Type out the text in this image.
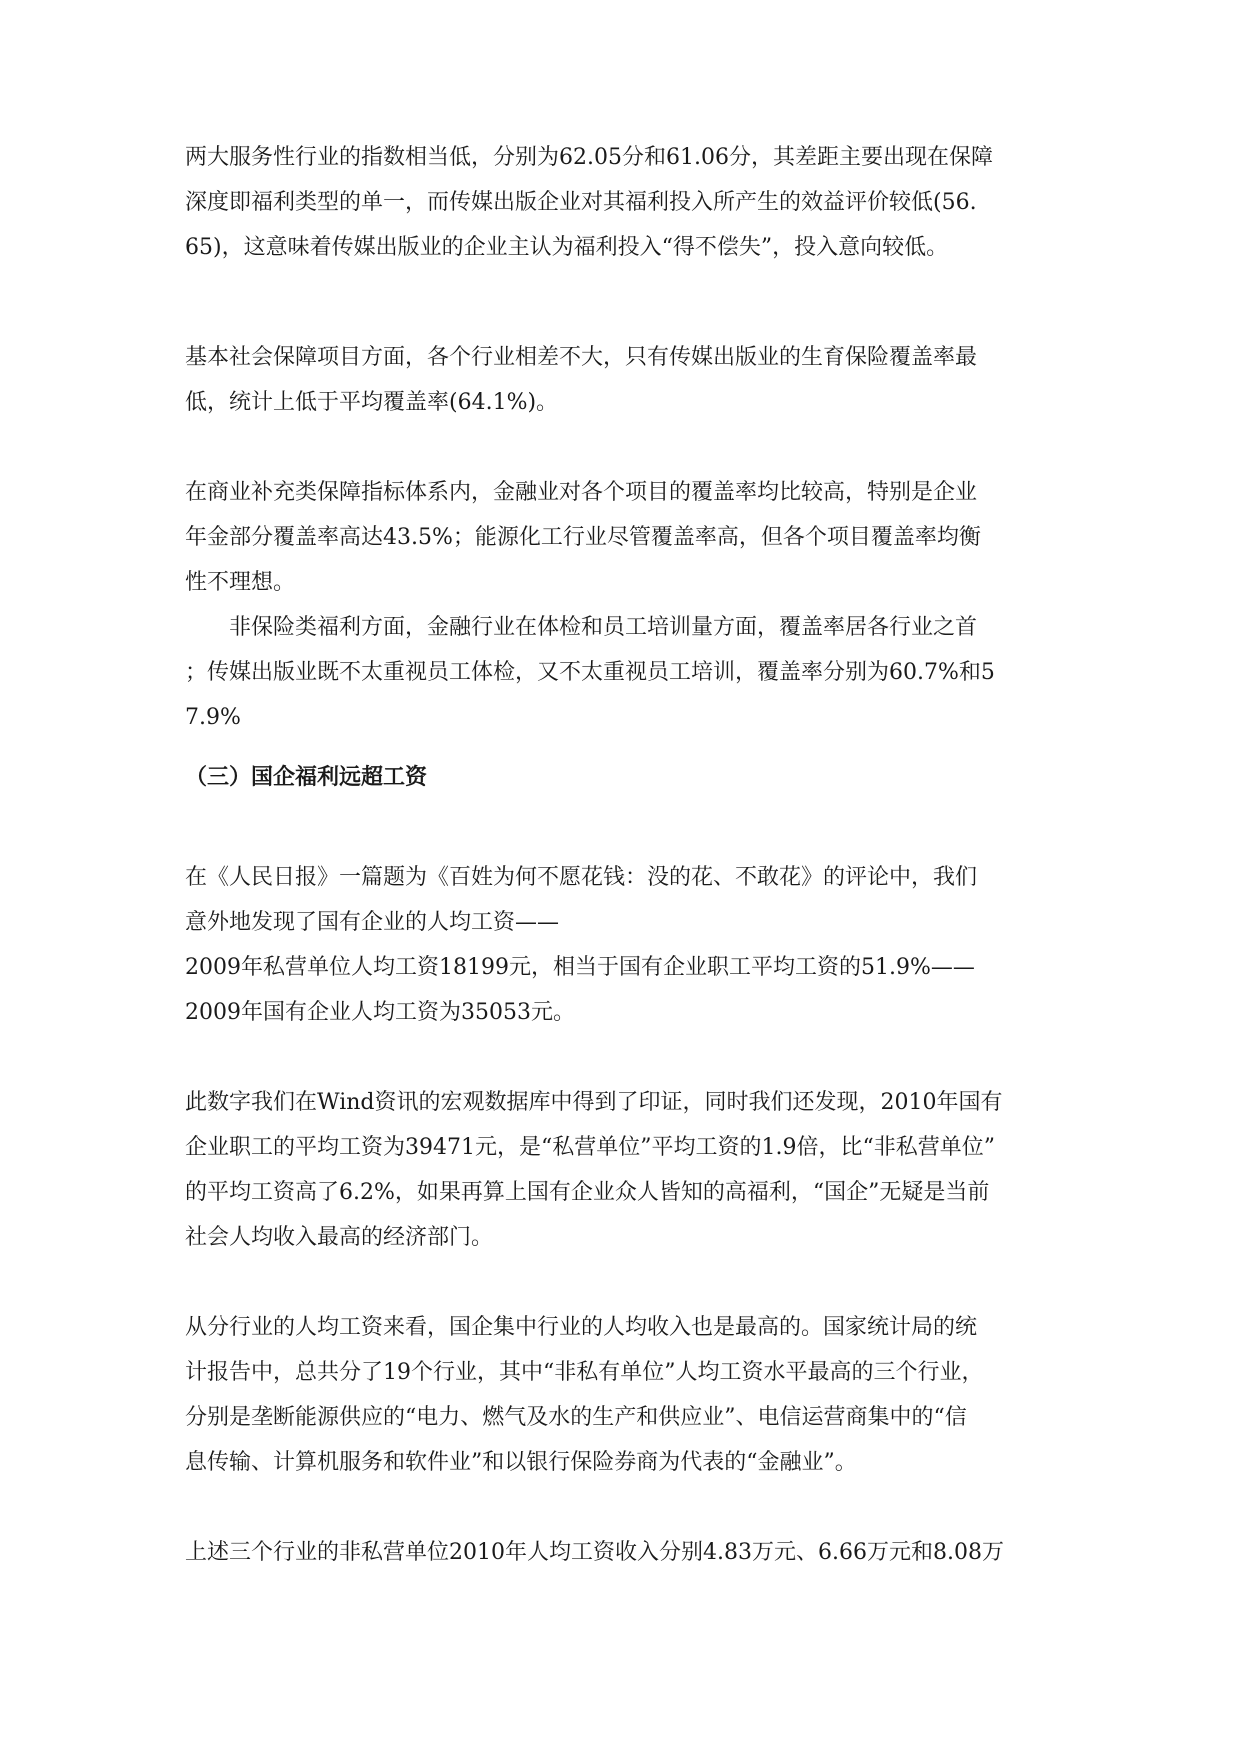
两大服务性行业的指数相当低，分别为62.05分和61.06分，其差距主要出现在保障
深度即福利类型的单一，而传媒出版企业对其福利投入所产生的效益评价较低(56.
65)，这意味着传媒出版业的企业主认为福利投入“得不偿失”，投入意向较低。
基本社会保障项目方面，各个行业相差不大，只有传媒出版业的生育保险覆盖率最
低，统计上低于平均覆盖率(64.1%)。
在商业补充类保障指标体系内，金融业对各个项目的覆盖率均比较高，特别是企业
年金部分覆盖率高达43.5%；能源化工行业尽管覆盖率高，但各个项目覆盖率均衡
性不理想。
　　非保险类福利方面，金融行业在体检和员工培训量方面，覆盖率居各行业之首
；传媒出版业既不太重视员工体检，又不太重视员工培训，覆盖率分别为60.7%和5
7.9%
（三）国企福利远超工资
在《人民日报》一篇题为《百姓为何不愿花钱：没的花、不敢花》的评论中，我们
意外地发现了国有企业的人均工资——
2009年私营单位人均工资18199元，相当于国有企业职工平均工资的51.9%——
2009年国有企业人均工资为35053元。
此数字我们在Wind资讯的宏观数据库中得到了印证，同时我们还发现，2010年国有
企业职工的平均工资为39471元，是“私营单位”平均工资的1.9倍，比“非私营单位”
的平均工资高了6.2%，如果再算上国有企业众人皆知的高福利，“国企”无疑是当前
社会人均收入最高的经济部门。
从分行业的人均工资来看，国企集中行业的人均收入也是最高的。国家统计局的统
计报告中，总共分了19个行业，其中“非私有单位”人均工资水平最高的三个行业，
分别是垄断能源供应的“电力、燃气及水的生产和供应业”、电信运营商集中的“信
息传输、计算机服务和软件业”和以银行保险券商为代表的“金融业”。
上述三个行业的非私营单位2010年人均工资收入分别4.83万元、6.66万元和8.08万
